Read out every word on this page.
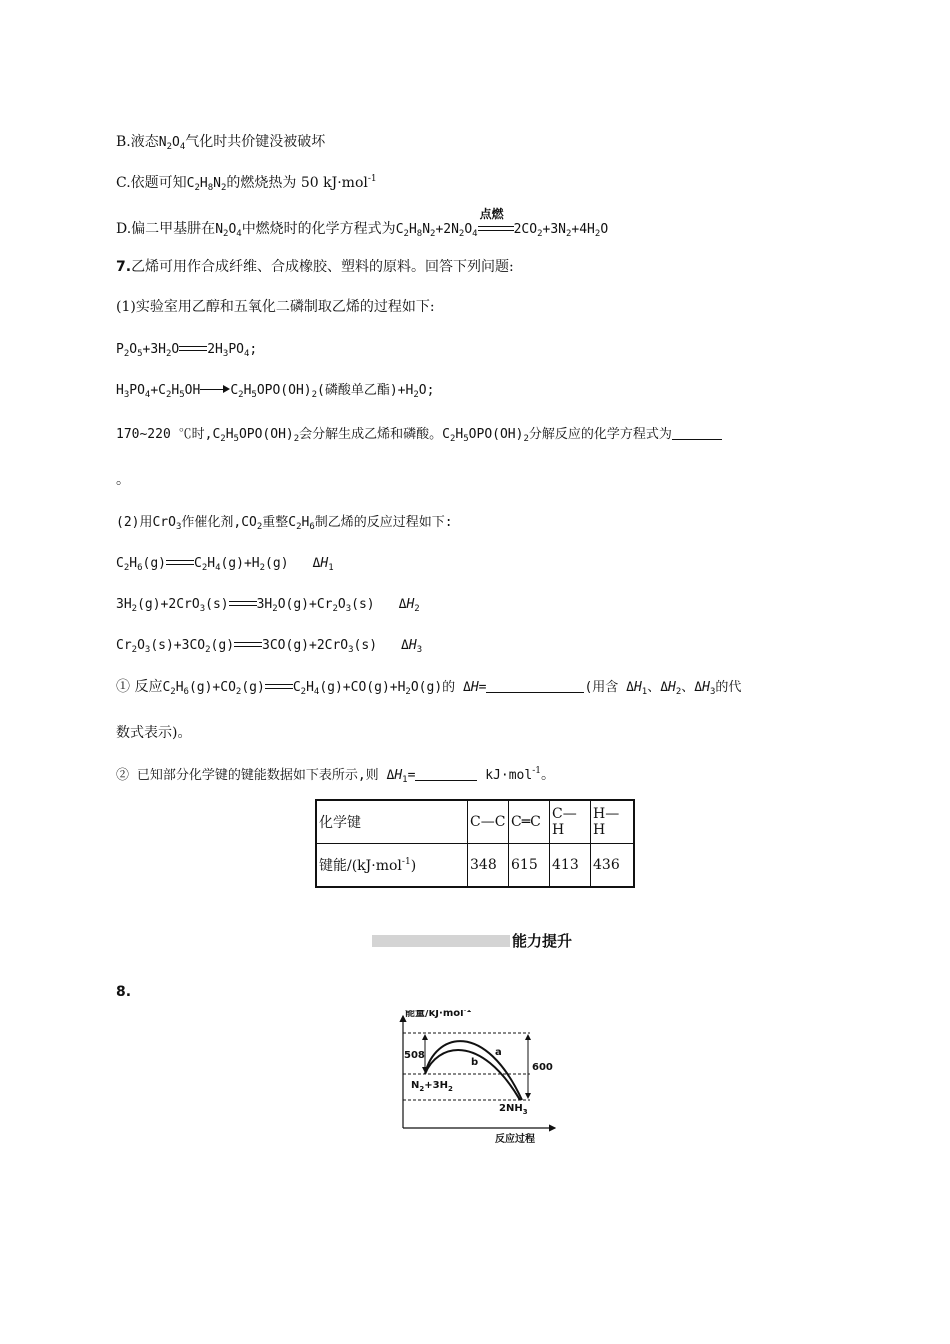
B.液态$N_2O_4$气化时共价键没被破坏
C.依题可知$C_2H_8N_2$的燃烧热为 50 kJ·mol$^{-1}$
D.偏二甲基肼在$N_2O_4$中燃烧时的化学方程式为$C_2H_8N_2+2N_2O_4$
点燃
$2CO_2+3N_2+4H_2O$
7.乙烯可用作合成纤维、合成橡胶、塑料的原料。回答下列问题:
(1)实验室用乙醇和五氧化二磷制取乙烯的过程如下:
$P_2O_5+3H_2O$ $2H_3PO_4$;
$H_3PO_4+C_2H_5OH$ $C_2H_5OPO(OH)_2$(磷酸单乙酯)$+H_2O$;
170~220 ℃时$,C_2H_5OPO(OH)_2$会分解生成乙烯和磷酸。$C_2H_5OPO(OH)_2$分解反应的化学方程式为
。
(2)用CrO$_3$作催化剂$,CO_2$重整$C_2H_6$制乙烯的反应过程如下:
$C_2H_6(g)$ $C_2H_4(g)+H_2(g)$ $\Delta H_1$
$3H_2(g)+2CrO_3(s)$ $3H_2O(g)+Cr_2O_3(s)$ $\Delta H_2$
$Cr_2O_3(s)+3CO_2(g)$ 3CO(g)+2CrO$_3$(s) $\Delta H_3$
① 反应$C_2H_6(g)+CO_2(g)$ $C_2H_4(g)+CO(g)+H_2O(g)$的 ΔH=	(用含 $\Delta H_1$、$\Delta H_2$、$\Delta H_3$的代
数式表示)。
② 已知部分化学键的键能数据如下表所示,则 $\Delta H_1=$	kJ·mol$^{-1}$。
化学键	C—C	C═C	C—H	H—H
键能/(kJ·mol$^{-1}$)	348	615	413	436
能力提升
8.
能量/kJ·mol$^{-1}$
508
600
a
b
$N_2+3H_2$
$2NH_3$
反应过程
